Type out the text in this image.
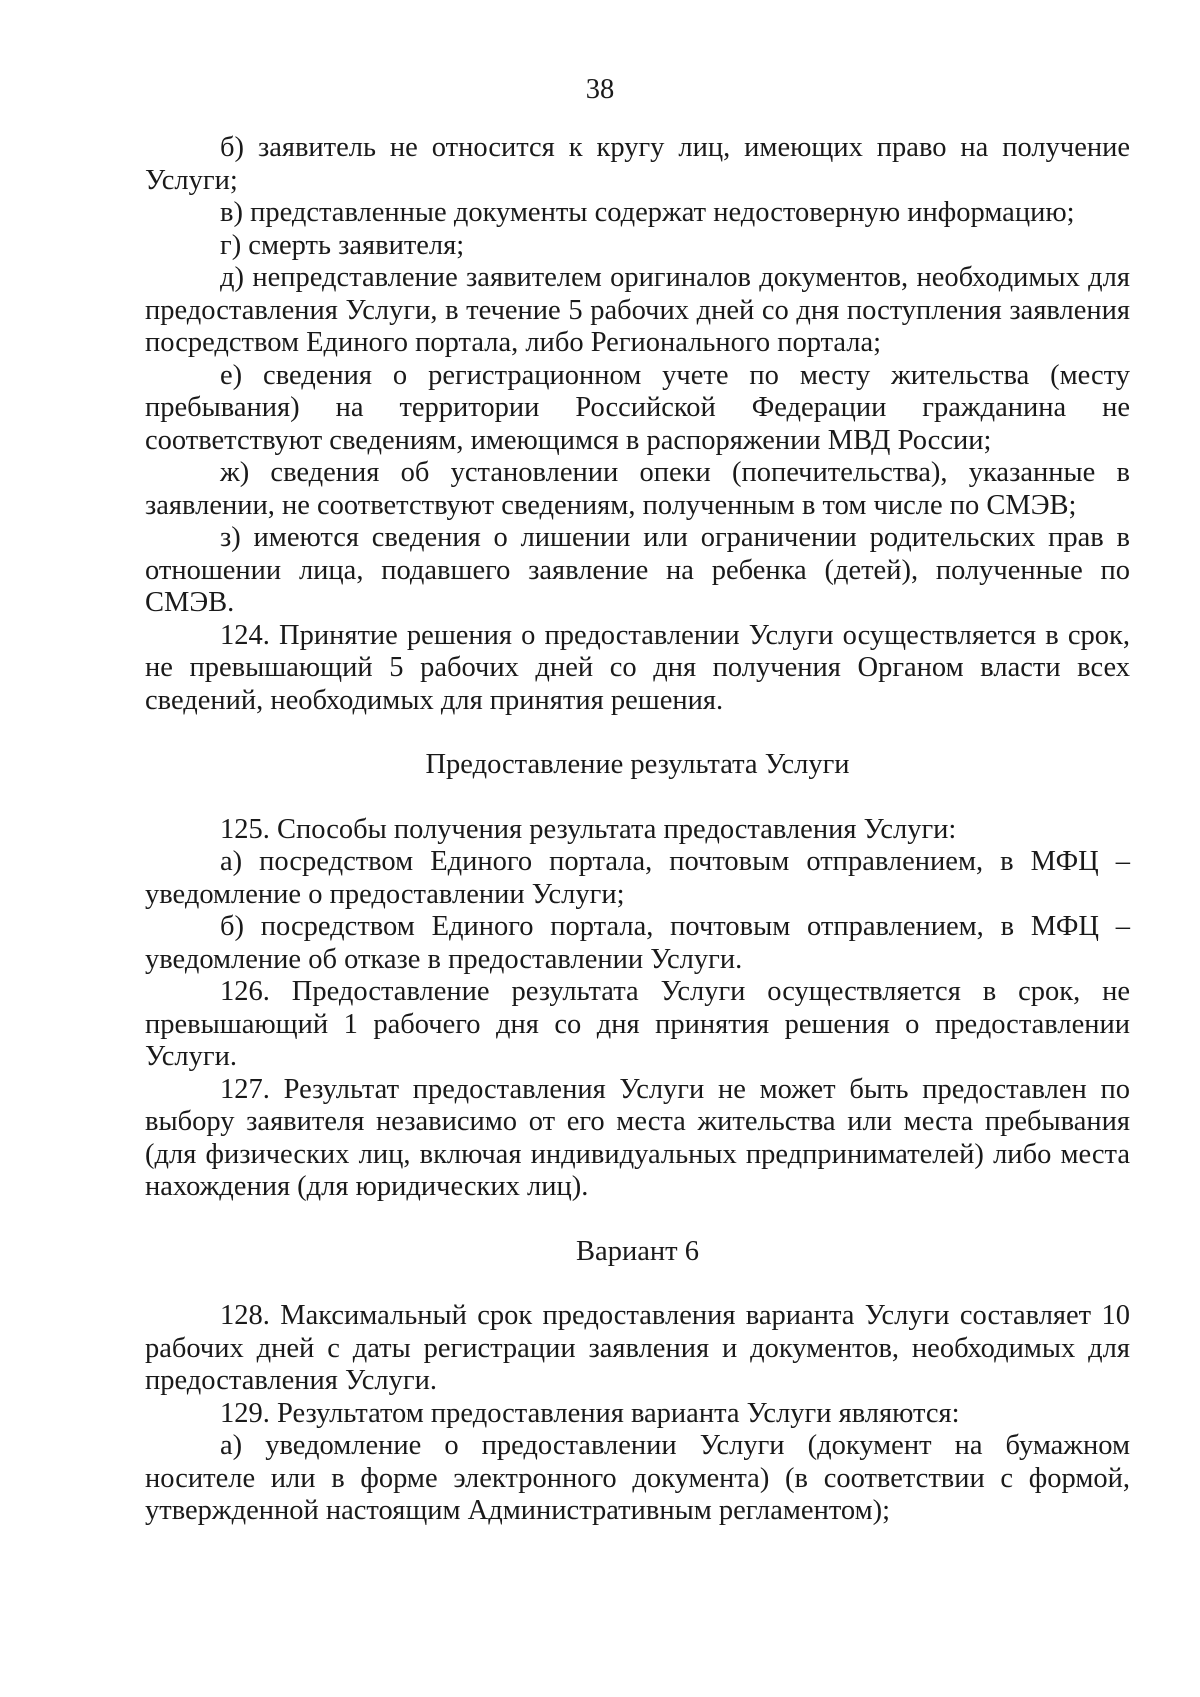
38

б) заявитель не относится к кругу лиц, имеющих право на получение Услуги;

в) представленные документы содержат недостоверную информацию;

г) смерть заявителя;

д) непредставление заявителем оригиналов документов, необходимых для предоставления Услуги, в течение 5 рабочих дней со дня поступления заявления посредством Единого портала, либо Регионального портала;

е) сведения о регистрационном учете по месту жительства (месту пребывания) на территории Российской Федерации гражданина не соответствуют сведениям, имеющимся в распоряжении МВД России;

ж) сведения об установлении опеки (попечительства), указанные в заявлении, не соответствуют сведениям, полученным в том числе по СМЭВ;

з) имеются сведения о лишении или ограничении родительских прав в отношении лица, подавшего заявление на ребенка (детей), полученные по СМЭВ.

124. Принятие решения о предоставлении Услуги осуществляется в срок, не превышающий 5 рабочих дней со дня получения Органом власти всех сведений, необходимых для принятия решения.

Предоставление результата Услуги

125. Способы получения результата предоставления Услуги:

а) посредством Единого портала, почтовым отправлением, в МФЦ – уведомление о предоставлении Услуги;

б) посредством Единого портала, почтовым отправлением, в МФЦ – уведомление об отказе в предоставлении Услуги.

126. Предоставление результата Услуги осуществляется в срок, не превышающий 1 рабочего дня со дня принятия решения о предоставлении Услуги.

127. Результат предоставления Услуги не может быть предоставлен по выбору заявителя независимо от его места жительства или места пребывания (для физических лиц, включая индивидуальных предпринимателей) либо места нахождения (для юридических лиц).

Вариант 6

128. Максимальный срок предоставления варианта Услуги составляет 10 рабочих дней с даты регистрации заявления и документов, необходимых для предоставления Услуги.

129. Результатом предоставления варианта Услуги являются:

а) уведомление о предоставлении Услуги (документ на бумажном носителе или в форме электронного документа) (в соответствии с формой, утвержденной настоящим Административным регламентом);
